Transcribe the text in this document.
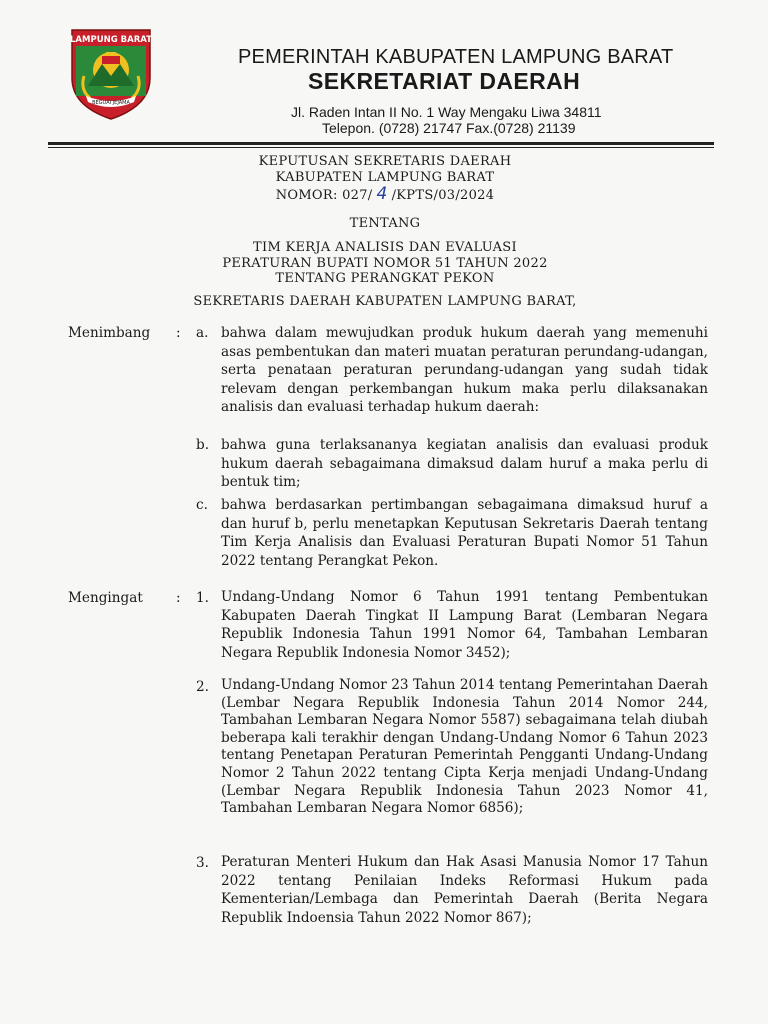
LAMPUNG BARAT
BEGUAI JEJAMA
PEMERINTAH KABUPATEN LAMPUNG BARAT
SEKRETARIAT DAERAH
Jl. Raden Intan II No. 1 Way Mengaku Liwa 34811
Telepon. (0728) 21747 Fax.(0728) 21139
KEPUTUSAN SEKRETARIS DAERAH
KABUPATEN LAMPUNG BARAT
NOMOR: 027/ 4 /KPTS/03/2024
TENTANG
TIM KERJA ANALISIS DAN EVALUASI
PERATURAN BUPATI NOMOR 51 TAHUN 2022
TENTANG PERANGKAT PEKON
SEKRETARIS DAERAH KABUPATEN LAMPUNG BARAT,
Menimbang : a. bahwa dalam mewujudkan produk hukum daerah yang memenuhi asas pembentukan dan materi muatan peraturan perundang-udangan, serta penataan peraturan perundang-udangan yang sudah tidak relevam dengan perkembangan hukum maka perlu dilaksanakan analisis dan evaluasi terhadap hukum daerah:

b. bahwa guna terlaksananya kegiatan analisis dan evaluasi produk hukum daerah sebagaimana dimaksud dalam huruf a maka perlu di bentuk tim;

c. bahwa berdasarkan pertimbangan sebagaimana dimaksud huruf a dan huruf b, perlu menetapkan Keputusan Sekretaris Daerah tentang Tim Kerja Analisis dan Evaluasi Peraturan Bupati Nomor 51 Tahun 2022 tentang Perangkat Pekon.

Mengingat : 1. Undang-Undang Nomor 6 Tahun 1991 tentang Pembentukan Kabupaten Daerah Tingkat II Lampung Barat (Lembaran Negara Republik Indonesia Tahun 1991 Nomor 64, Tambahan Lembaran Negara Republik Indonesia Nomor 3452);

2. Undang-Undang Nomor 23 Tahun 2014 tentang Pemerintahan Daerah (Lembar Negara Republik Indonesia Tahun 2014 Nomor 244, Tambahan Lembaran Negara Nomor 5587) sebagaimana telah diubah beberapa kali terakhir dengan Undang-Undang Nomor 6 Tahun 2023 tentang Penetapan Peraturan Pemerintah Pengganti Undang-Undang Nomor 2 Tahun 2022 tentang Cipta Kerja menjadi Undang-Undang (Lembar Negara Republik Indonesia Tahun 2023 Nomor 41, Tambahan Lembaran Negara Nomor 6856);

3. Peraturan Menteri Hukum dan Hak Asasi Manusia Nomor 17 Tahun 2022 tentang Penilaian Indeks Reformasi Hukum pada Kementerian/Lembaga dan Pemerintah Daerah (Berita Negara Republik Indoensia Tahun 2022 Nomor 867);
